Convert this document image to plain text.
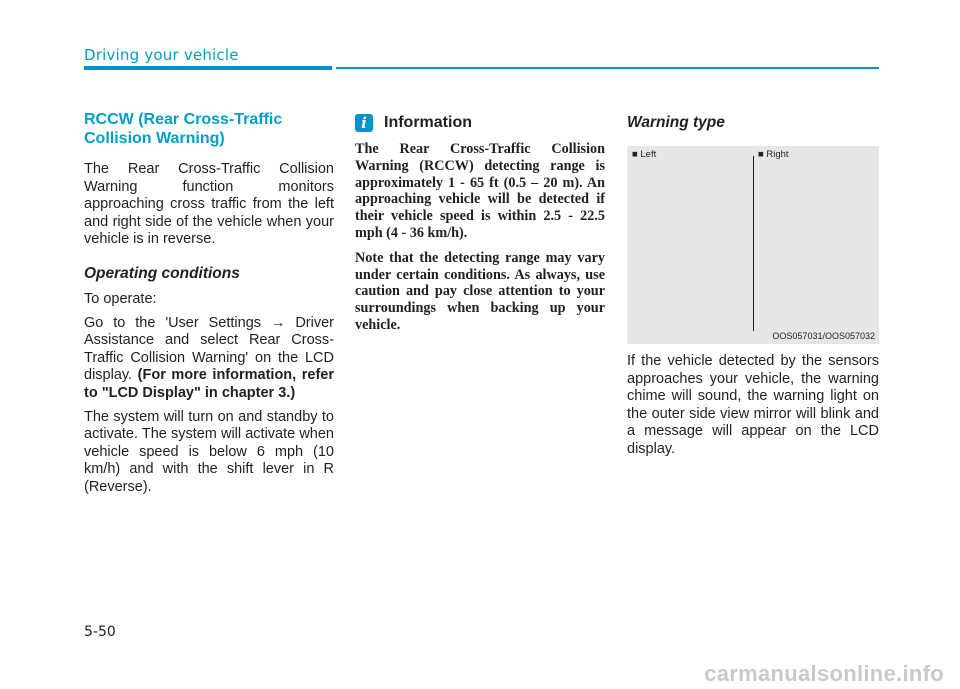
Driving your vehicle
RCCW (Rear Cross-Traffic Collision Warning)

The Rear Cross-Traffic Collision Warning function monitors approaching cross traffic from the left and right side of the vehicle when your vehicle is in reverse.

Operating conditions

To operate:

Go to the 'User Settings → Driver Assistance and select Rear Cross-Traffic Collision Warning' on the LCD display. (For more information, refer to "LCD Display" in chapter 3.)

The system will turn on and standby to activate. The system will activate when vehicle speed is below 6 mph (10 km/h) and with the shift lever in R (Reverse).

i	Information

The Rear Cross-Traffic Collision Warning (RCCW) detecting range is approximately 1 - 65 ft (0.5 – 20 m). An approaching vehicle will be detected if their vehicle speed is within 2.5 - 22.5 mph (4 - 36 km/h).

Note that the detecting range may vary under certain conditions. As always, use caution and pay close attention to your surroundings when backing up your vehicle.

Warning type
■ Left	■ Right
OOS057031/OOS057032

If the vehicle detected by the sensors approaches your vehicle, the warning chime will sound, the warning light on the outer side view mirror will blink and a message will appear on the LCD display.

5-50
carmanualsonline.info
